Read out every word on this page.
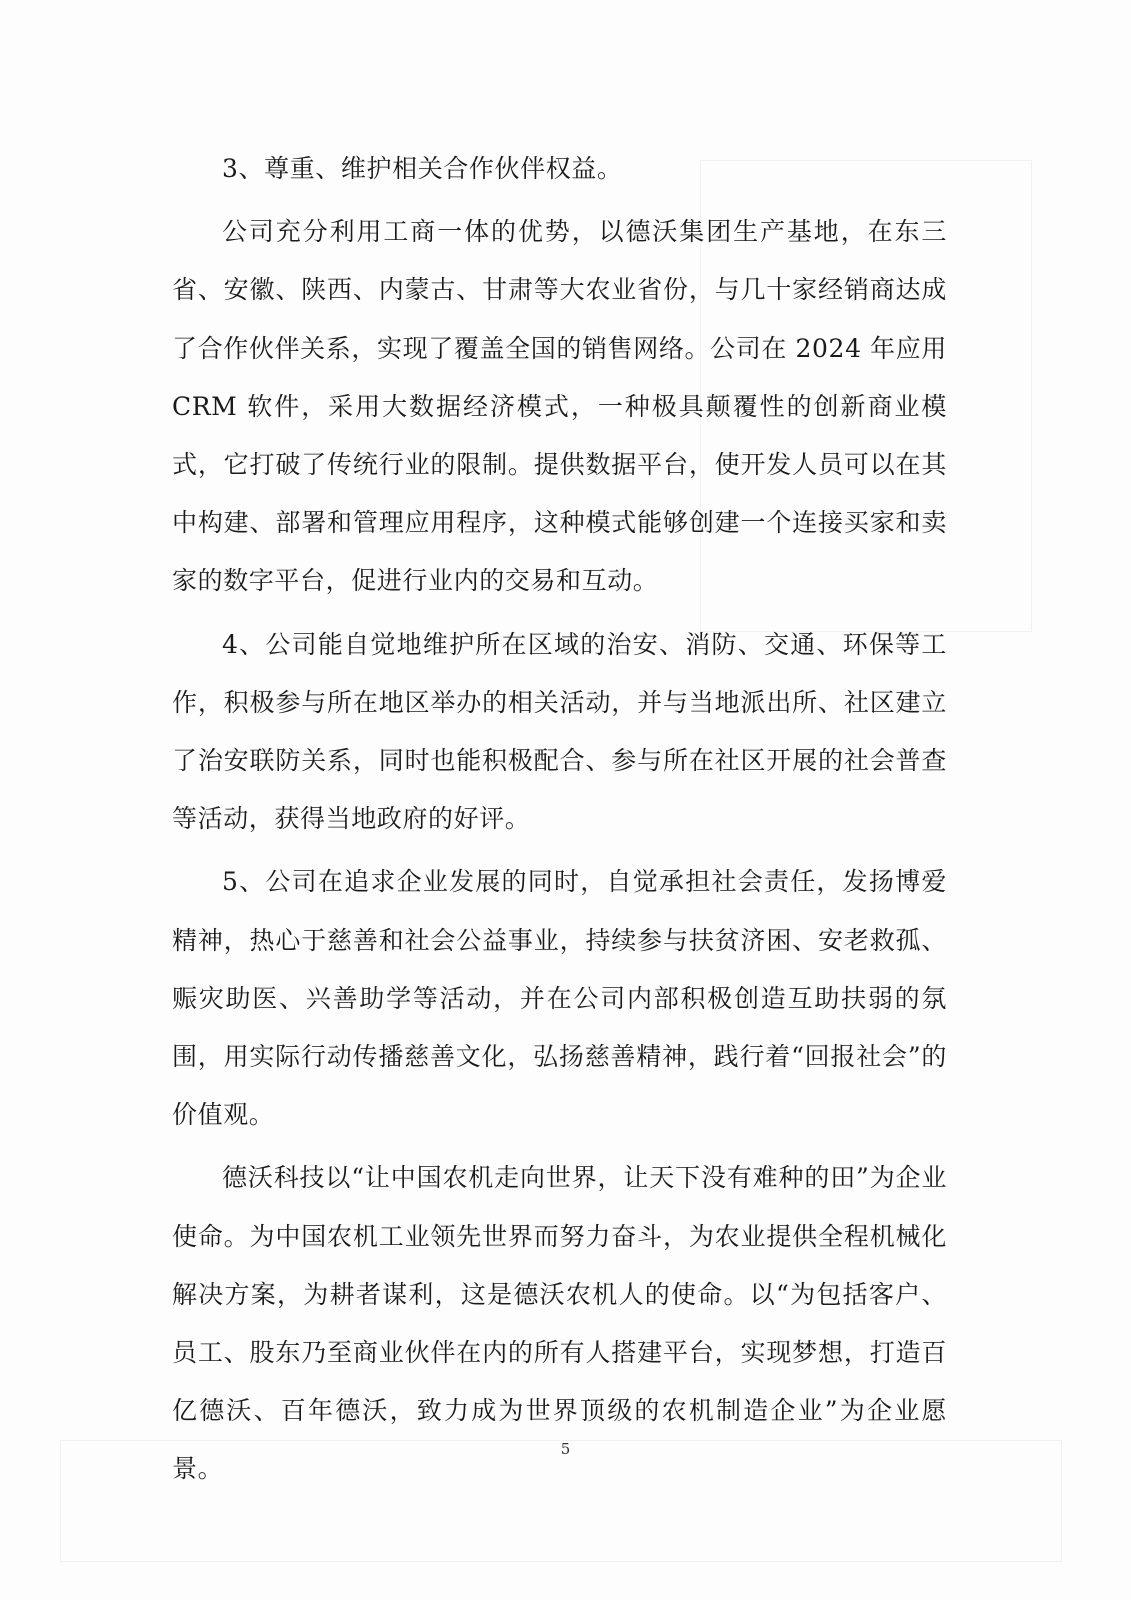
3、尊重、维护相关合作伙伴权益。

公司充分利用工商一体的优势，以德沃集团生产基地，在东三省、安徽、陕西、内蒙古、甘肃等大农业省份，与几十家经销商达成了合作伙伴关系，实现了覆盖全国的销售网络。公司在 2024 年应用 CRM 软件，采用大数据经济模式，一种极具颠覆性的创新商业模式，它打破了传统行业的限制。提供数据平台，使开发人员可以在其中构建、部署和管理应用程序，这种模式能够创建一个连接买家和卖家的数字平台，促进行业内的交易和互动。

4、公司能自觉地维护所在区域的治安、消防、交通、环保等工作，积极参与所在地区举办的相关活动，并与当地派出所、社区建立了治安联防关系，同时也能积极配合、参与所在社区开展的社会普查等活动，获得当地政府的好评。

5、公司在追求企业发展的同时，自觉承担社会责任，发扬博爱精神，热心于慈善和社会公益事业，持续参与扶贫济困、安老救孤、赈灾助医、兴善助学等活动，并在公司内部积极创造互助扶弱的氛围，用实际行动传播慈善文化，弘扬慈善精神，践行着“回报社会”的价值观。

德沃科技以“让中国农机走向世界，让天下没有难种的田”为企业使命。为中国农机工业领先世界而努力奋斗，为农业提供全程机械化解决方案，为耕者谋利，这是德沃农机人的使命。以“为包括客户、员工、股东乃至商业伙伴在内的所有人搭建平台，实现梦想，打造百亿德沃、百年德沃，致力成为世界顶级的农机制造企业”为企业愿景。

5
